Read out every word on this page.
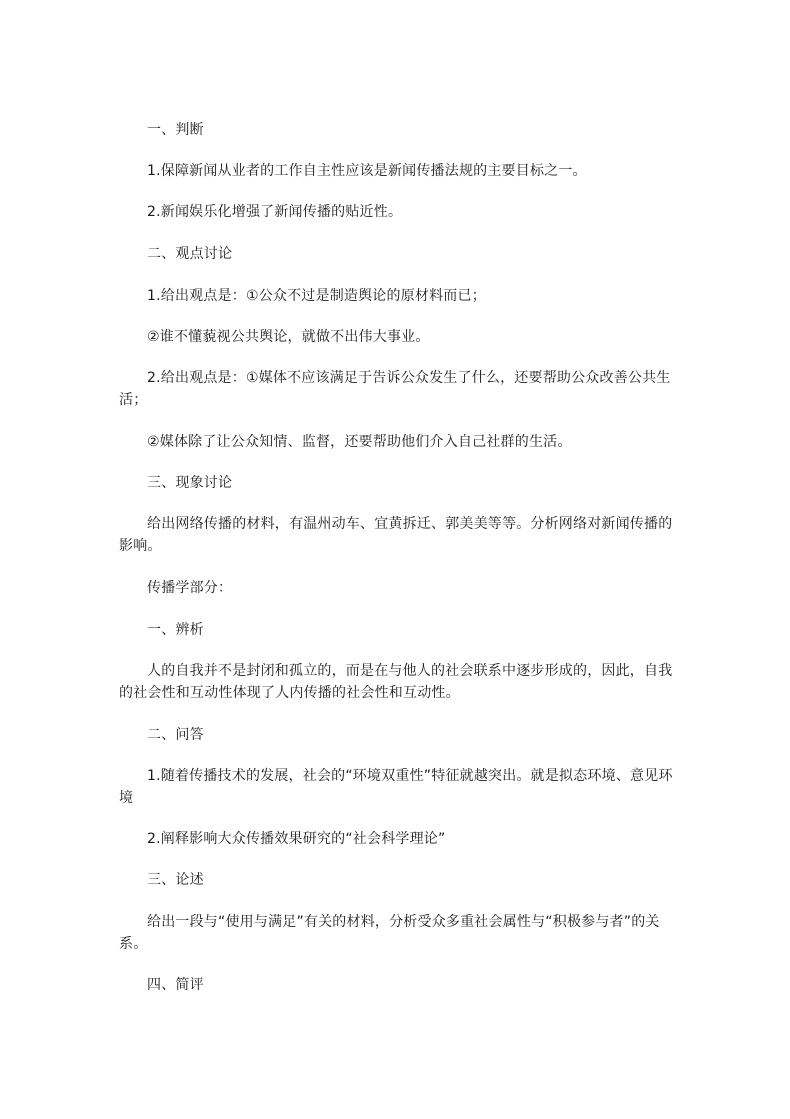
一、判断

1.保障新闻从业者的工作自主性应该是新闻传播法规的主要目标之一。

2.新闻娱乐化增强了新闻传播的贴近性。

二、观点讨论

1.给出观点是：①公众不过是制造舆论的原材料而已；

②谁不懂藐视公共舆论，就做不出伟大事业。

2.给出观点是：①媒体不应该满足于告诉公众发生了什么，还要帮助公众改善公共生活；

②媒体除了让公众知情、监督，还要帮助他们介入自己社群的生活。

三、现象讨论

给出网络传播的材料，有温州动车、宜黄拆迁、郭美美等等。分析网络对新闻传播的影响。

传播学部分：

一、辨析

人的自我并不是封闭和孤立的，而是在与他人的社会联系中逐步形成的，因此，自我的社会性和互动性体现了人内传播的社会性和互动性。

二、问答

1.随着传播技术的发展，社会的“环境双重性”特征就越突出。就是拟态环境、意见环境

2.阐释影响大众传播效果研究的“社会科学理论”

三、论述

给出一段与“使用与满足”有关的材料，分析受众多重社会属性与“积极参与者”的关系。

四、简评
